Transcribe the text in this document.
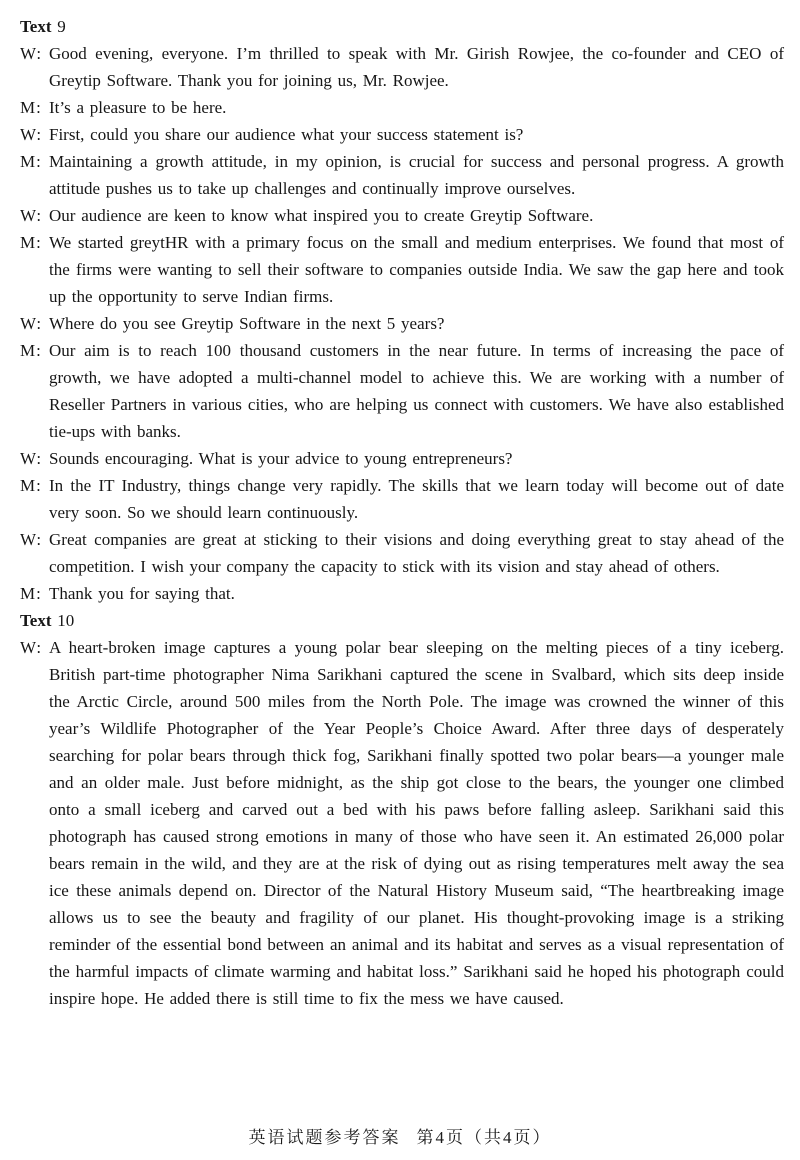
Text 9
W: Good evening, everyone. I’m thrilled to speak with Mr. Girish Rowjee, the co-founder and CEO of Greytip Software. Thank you for joining us, Mr. Rowjee.
M: It’s a pleasure to be here.
W: First, could you share our audience what your success statement is?
M: Maintaining a growth attitude, in my opinion, is crucial for success and personal progress. A growth attitude pushes us to take up challenges and continually improve ourselves.
W: Our audience are keen to know what inspired you to create Greytip Software.
M: We started greytHR with a primary focus on the small and medium enterprises. We found that most of the firms were wanting to sell their software to companies outside India. We saw the gap here and took up the opportunity to serve Indian firms.
W: Where do you see Greytip Software in the next 5 years?
M: Our aim is to reach 100 thousand customers in the near future. In terms of increasing the pace of growth, we have adopted a multi-channel model to achieve this. We are working with a number of Reseller Partners in various cities, who are helping us connect with customers. We have also established tie-ups with banks.
W: Sounds encouraging. What is your advice to young entrepreneurs?
M: In the IT Industry, things change very rapidly. The skills that we learn today will become out of date very soon. So we should learn continuously.
W: Great companies are great at sticking to their visions and doing everything great to stay ahead of the competition. I wish your company the capacity to stick with its vision and stay ahead of others.
M: Thank you for saying that.
Text 10
W: A heart-broken image captures a young polar bear sleeping on the melting pieces of a tiny iceberg. British part-time photographer Nima Sarikhani captured the scene in Svalbard, which sits deep inside the Arctic Circle, around 500 miles from the North Pole. The image was crowned the winner of this year’s Wildlife Photographer of the Year People’s Choice Award. After three days of desperately searching for polar bears through thick fog, Sarikhani finally spotted two polar bears—a younger male and an older male. Just before midnight, as the ship got close to the bears, the younger one climbed onto a small iceberg and carved out a bed with his paws before falling asleep. Sarikhani said this photograph has caused strong emotions in many of those who have seen it. An estimated 26,000 polar bears remain in the wild, and they are at the risk of dying out as rising temperatures melt away the sea ice these animals depend on. Director of the Natural History Museum said, “The heartbreaking image allows us to see the beauty and fragility of our planet. His thought-provoking image is a striking reminder of the essential bond between an animal and its habitat and serves as a visual representation of the harmful impacts of climate warming and habitat loss.” Sarikhani said he hoped his photograph could inspire hope. He added there is still time to fix the mess we have caused.
英语试题参考答案 第4页（共4页）
